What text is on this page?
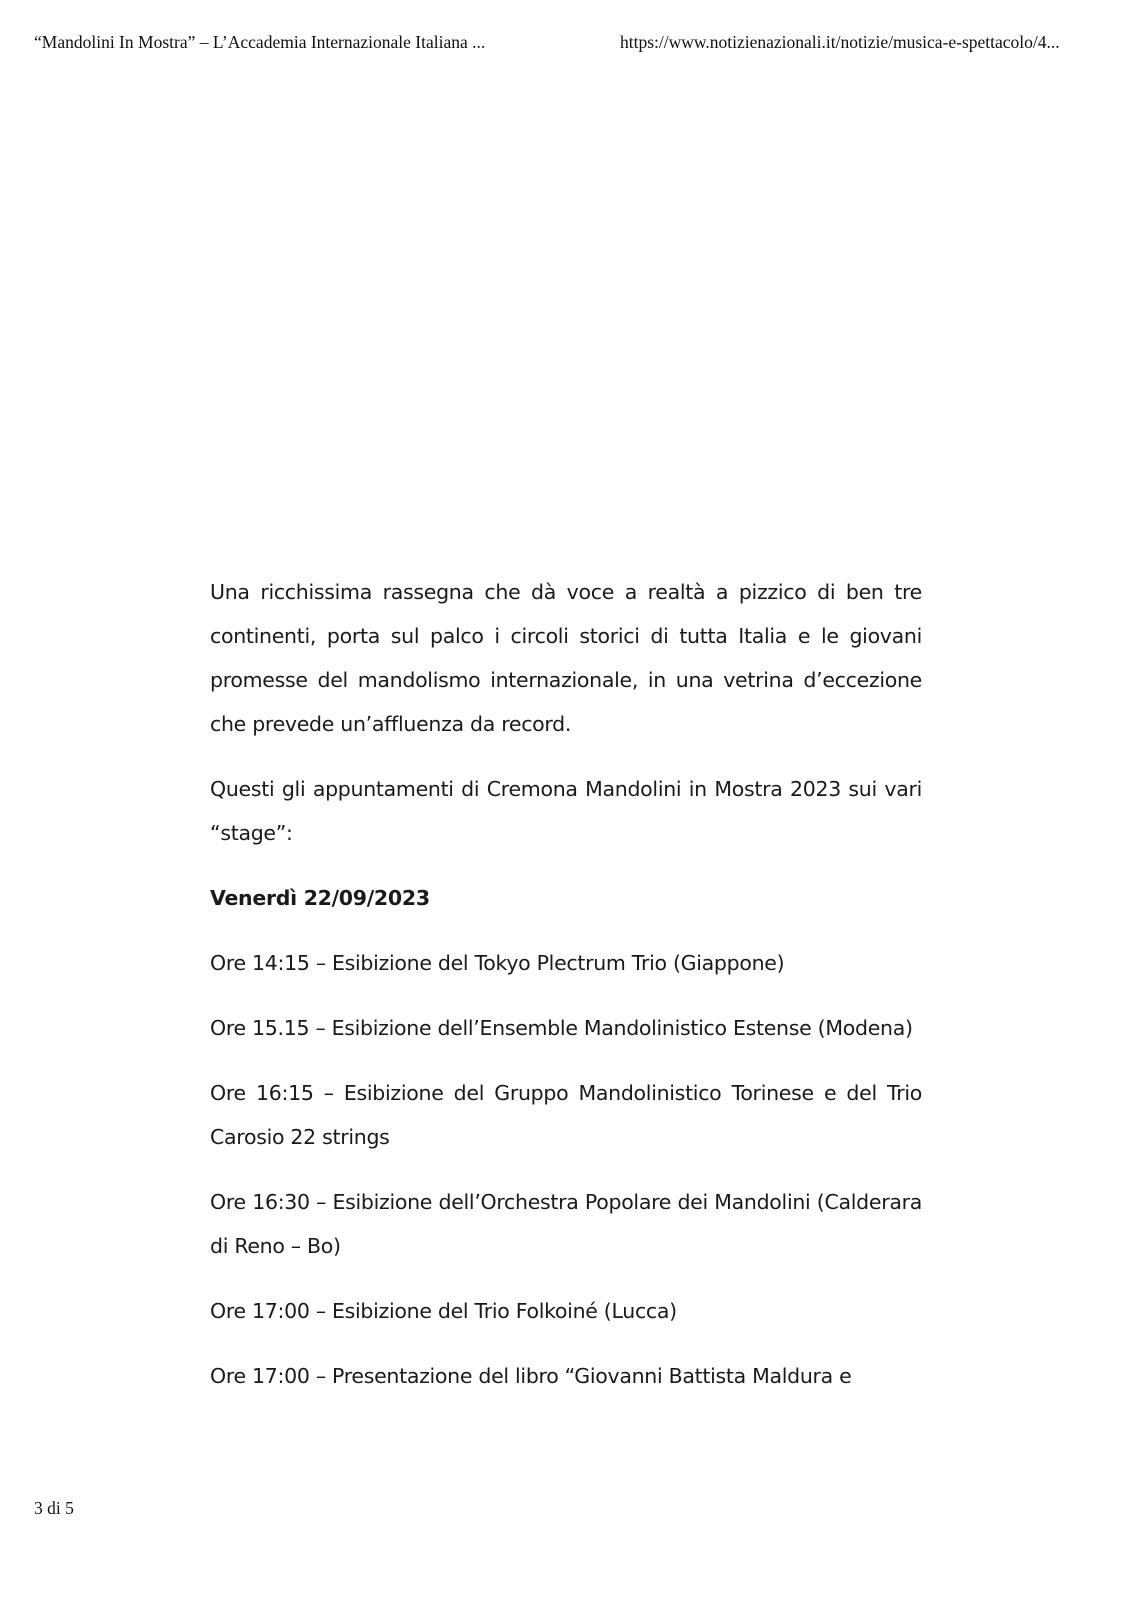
“Mandolini In Mostra” – L’Accademia Internazionale Italiana ...	https://www.notizienazionali.it/notizie/musica-e-spettacolo/4...

Una ricchissima rassegna che dà voce a realtà a pizzico di ben tre continenti, porta sul palco i circoli storici di tutta Italia e le giovani promesse del mandolismo internazionale, in una vetrina d’eccezione che prevede un’affluenza da record.

Questi gli appuntamenti di Cremona Mandolini in Mostra 2023 sui vari “stage”:

Venerdì 22/09/2023

Ore 14:15 – Esibizione del Tokyo Plectrum Trio (Giappone)

Ore 15.15 – Esibizione dell’Ensemble Mandolinistico Estense (Modena)

Ore 16:15 – Esibizione del Gruppo Mandolinistico Torinese e del Trio Carosio 22 strings

Ore 16:30 – Esibizione dell’Orchestra Popolare dei Mandolini (Calderara di Reno – Bo)

Ore 17:00 – Esibizione del Trio Folkoiné (Lucca)

Ore 17:00 – Presentazione del libro “Giovanni Battista Maldura e

3 di 5
